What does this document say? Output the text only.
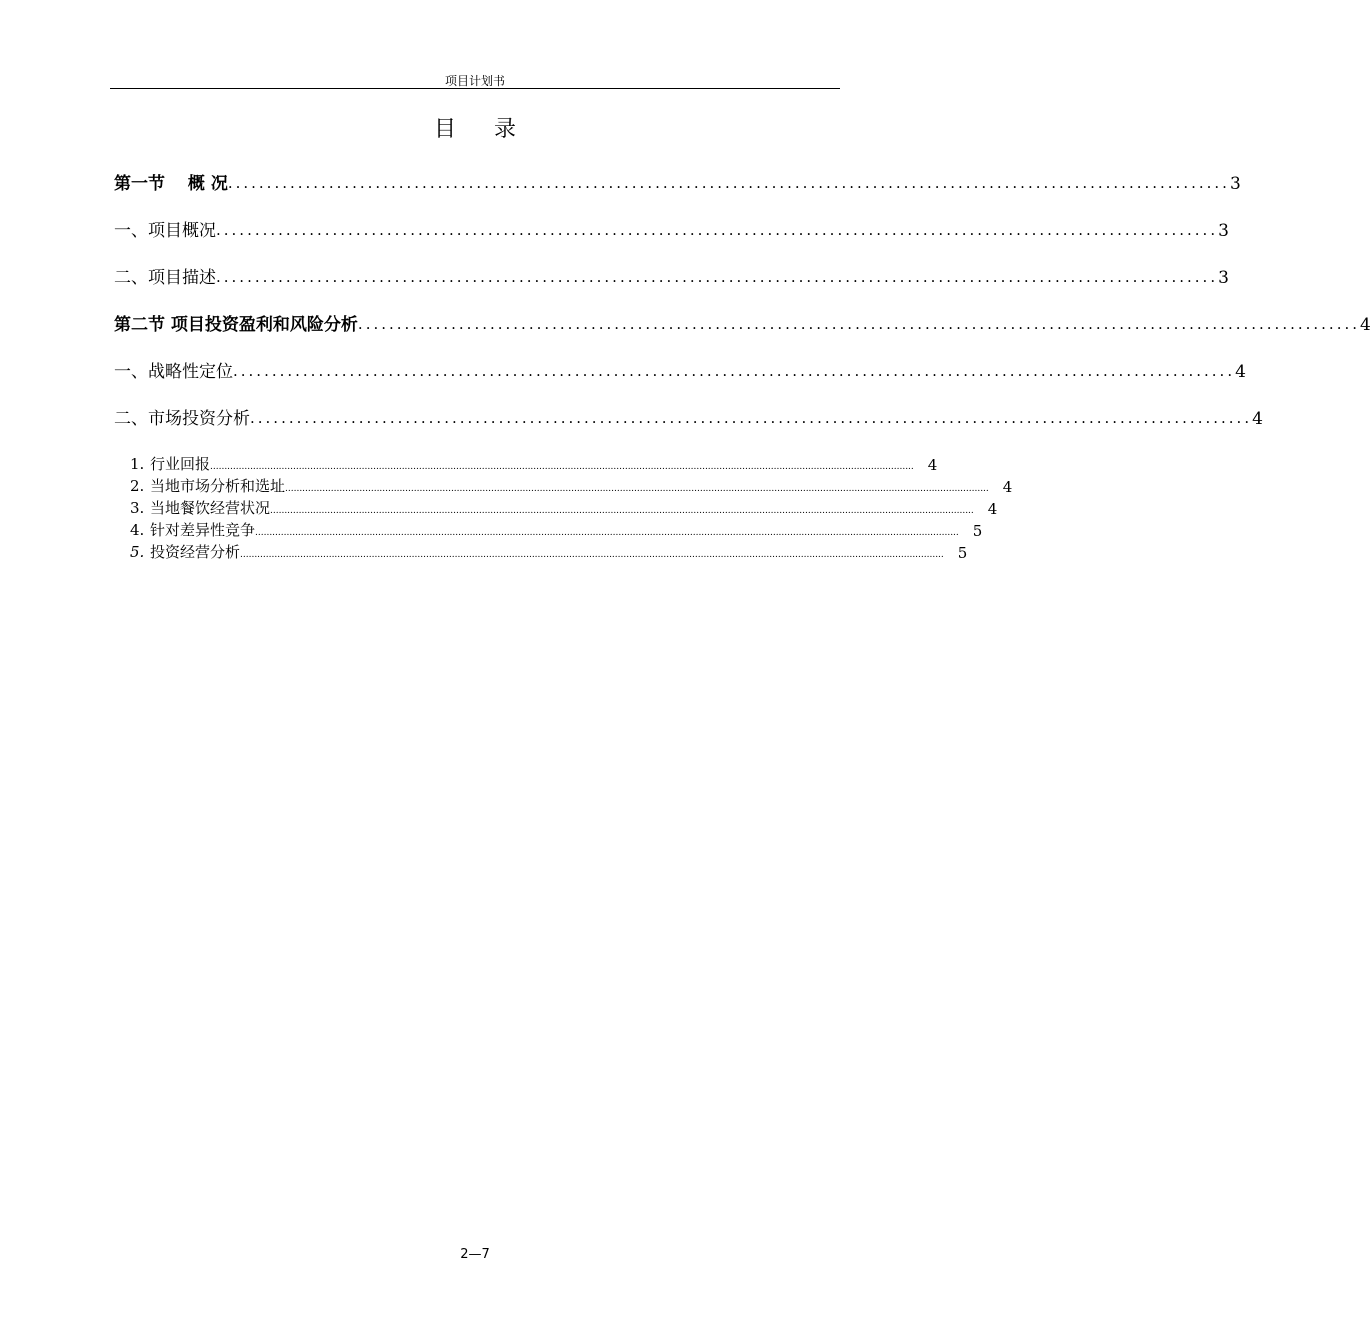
项目计划书
目 录
第一节　 概 况 ................................................................................................................................. 3
一、项目概况 ................................................................................................................................. 3
二、项目描述 ................................................................................................................................. 3
第二节 项目投资盈利和风险分析 ................................................................................................................................. 4
一、战略性定位 ................................................................................................................................. 4
二、市场投资分析 ................................................................................................................................. 4
1. 行业回报 ...................................................................................................................................................................................................................................................... 4
2. 当地市场分析和选址 ...................................................................................................................................................................................................................................................... 4
3. 当地餐饮经营状况 ...................................................................................................................................................................................................................................................... 4
4. 针对差异性竞争 ...................................................................................................................................................................................................................................................... 5
5. 投资经营分析 ...................................................................................................................................................................................................................................................... 5
2—7
